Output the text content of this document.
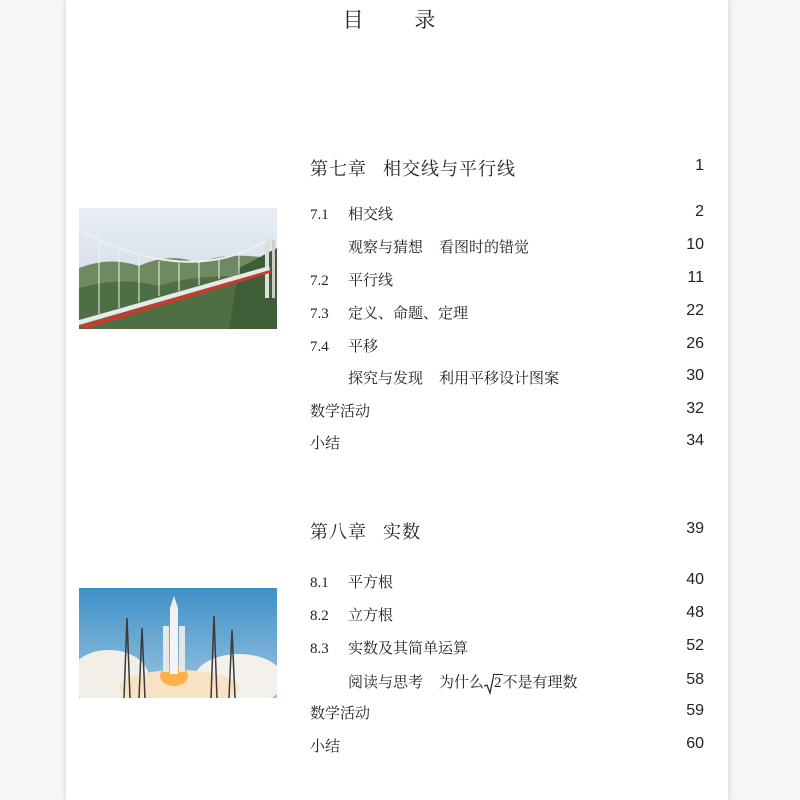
目 录
第七章 相交线与平行线	1
7.1 相交线	2
观察与猜想 看图时的错觉	10
7.2 平行线	11
7.3 定义、命题、定理	22
7.4 平移	26
探究与发现 利用平移设计图案	30
数学活动	32
小结	34
第八章 实数	39
8.1 平方根	40
8.2 立方根	48
8.3 实数及其简单运算	52
阅读与思考 为什么 2不是有理数	58
数学活动	59
小结	60
